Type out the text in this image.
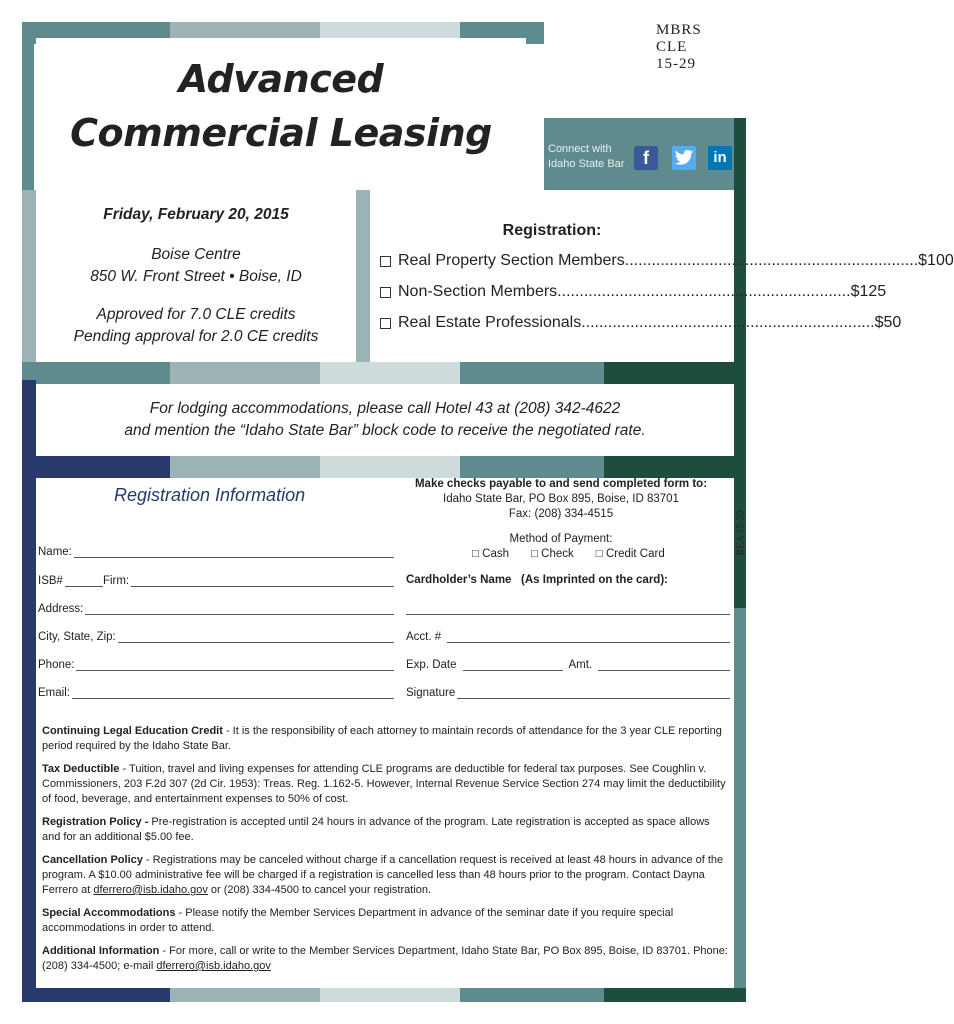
Advanced
Commercial Leasing
MBRS
CLE
15-29
Connect with
Idaho State Bar	f	in
Friday, February 20, 2015
Boise Centre
850 W. Front Street • Boise, ID
Approved for 7.0 CLE credits
Pending approval for 2.0 CE credits
Registration:
Real Property Section Members .................................................................. $100
Non-Section Members .................................................................. $125
Real Estate Professionals .................................................................. $50
For lodging accommodations, please call Hotel 43 at (208) 342-4622
and mention the “Idaho State Bar” block code to receive the negotiated rate.
Registration Information
Make checks payable to and send completed form to:
Idaho State Bar, PO Box 895, Boise, ID 83701
Fax: (208) 334-4515	REA 15-29
Method of Payment:
□ Cash □ Check □ Credit Card
Name:
ISB#	Firm:	Cardholder’s Name   (As Imprinted on the card):
Address:
City, State, Zip:	Acct. #
Phone:	Exp. Date	Amt.
Email:	Signature

Continuing Legal Education Credit - It is the responsibility of each attorney to maintain records of attendance for the 3 year CLE reporting period required by the Idaho State Bar.

Tax Deductible - Tuition, travel and living expenses for attending CLE programs are deductible for federal tax purposes. See Coughlin v. Commissioners, 203 F.2d 307 (2d Cir. 1953): Treas. Reg. 1.162-5. However, Internal Revenue Service Section 274 may limit the deductibility of food, beverage, and entertainment expenses to 50% of cost.

Registration Policy - Pre-registration is accepted until 24 hours in advance of the program. Late registration is accepted as space allows and for an additional $5.00 fee.

Cancellation Policy - Registrations may be canceled without charge if a cancellation request is received at least 48 hours in advance of the program. A $10.00 administrative fee will be charged if a registration is cancelled less than 48 hours prior to the program. Contact Dayna Ferrero at dferrero@isb.idaho.gov or (208) 334-4500 to cancel your registration.

Special Accommodations - Please notify the Member Services Department in advance of the seminar date if you require special accommodations in order to attend.

Additional Information - For more, call or write to the Member Services Department, Idaho State Bar, PO Box 895, Boise, ID 83701. Phone: (208) 334-4500; e-mail dferrero@isb.idaho.gov
